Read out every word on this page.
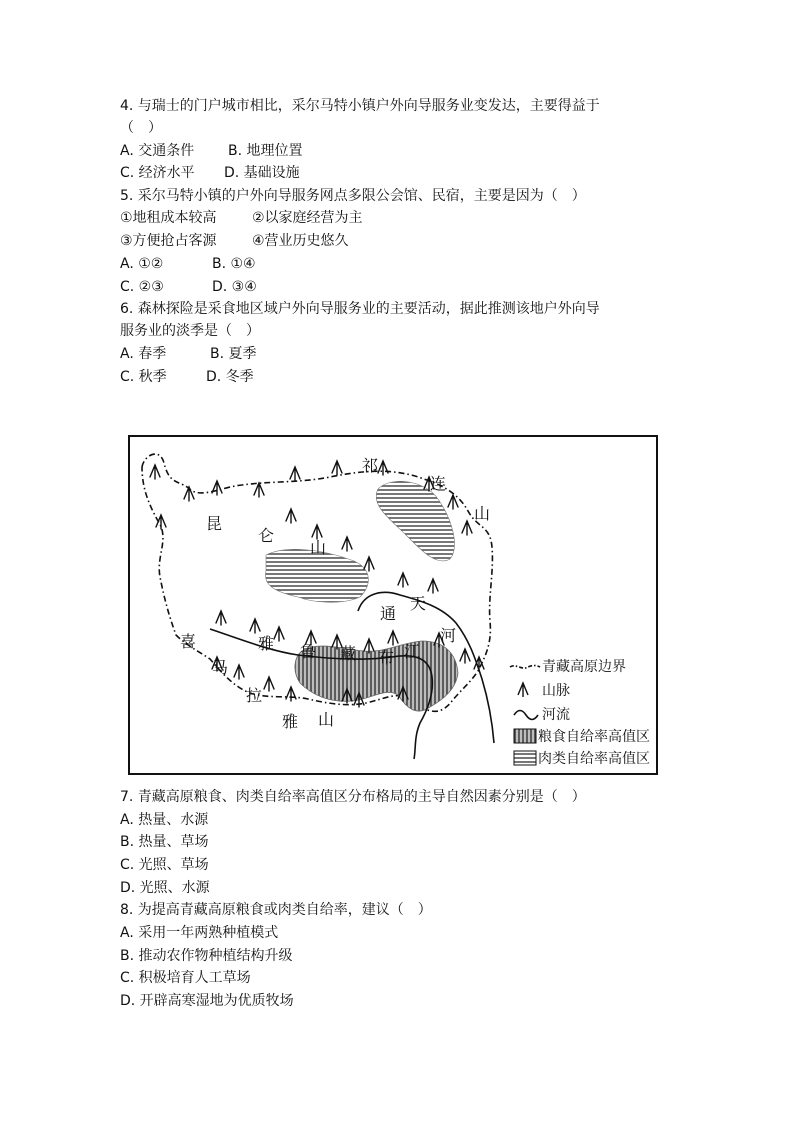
4. 与瑞士的门户城市相比，采尔马特小镇户外向导服务业变发达，主要得益于
（　）
A. 交通条件 B. 地理位置
C. 经济水平 D. 基础设施
5. 采尔马特小镇的户外向导服务网点多限公会馆、民宿，主要是因为（　）
①地租成本较高	②以家庭经营为主
③方便抢占客源	④营业历史悠久
A. ①②	B. ①④
C. ②③	D. ③④
6. 森林探险是采食地区域户外向导服务业的主要活动，据此推测该地户外向导
服务业的淡季是（　）
A. 春季	B. 夏季
C. 秋季	D. 冬季
祁
连
山
昆
仑
山
通
天
河
喜
马
拉
雅 山
雅 鲁 藏 布 江
青藏高原边界
山脉
河流
粮食自给率高值区
肉类自给率高值区
7. 青藏高原粮食、肉类自给率高值区分布格局的主导自然因素分别是（　）
A. 热量、水源
B. 热量、草场
C. 光照、草场
D. 光照、水源
8. 为提高青藏高原粮食或肉类自给率，建议（　）
A. 采用一年两熟种植模式
B. 推动农作物种植结构升级
C. 积极培育人工草场
D. 开辟高寒湿地为优质牧场
